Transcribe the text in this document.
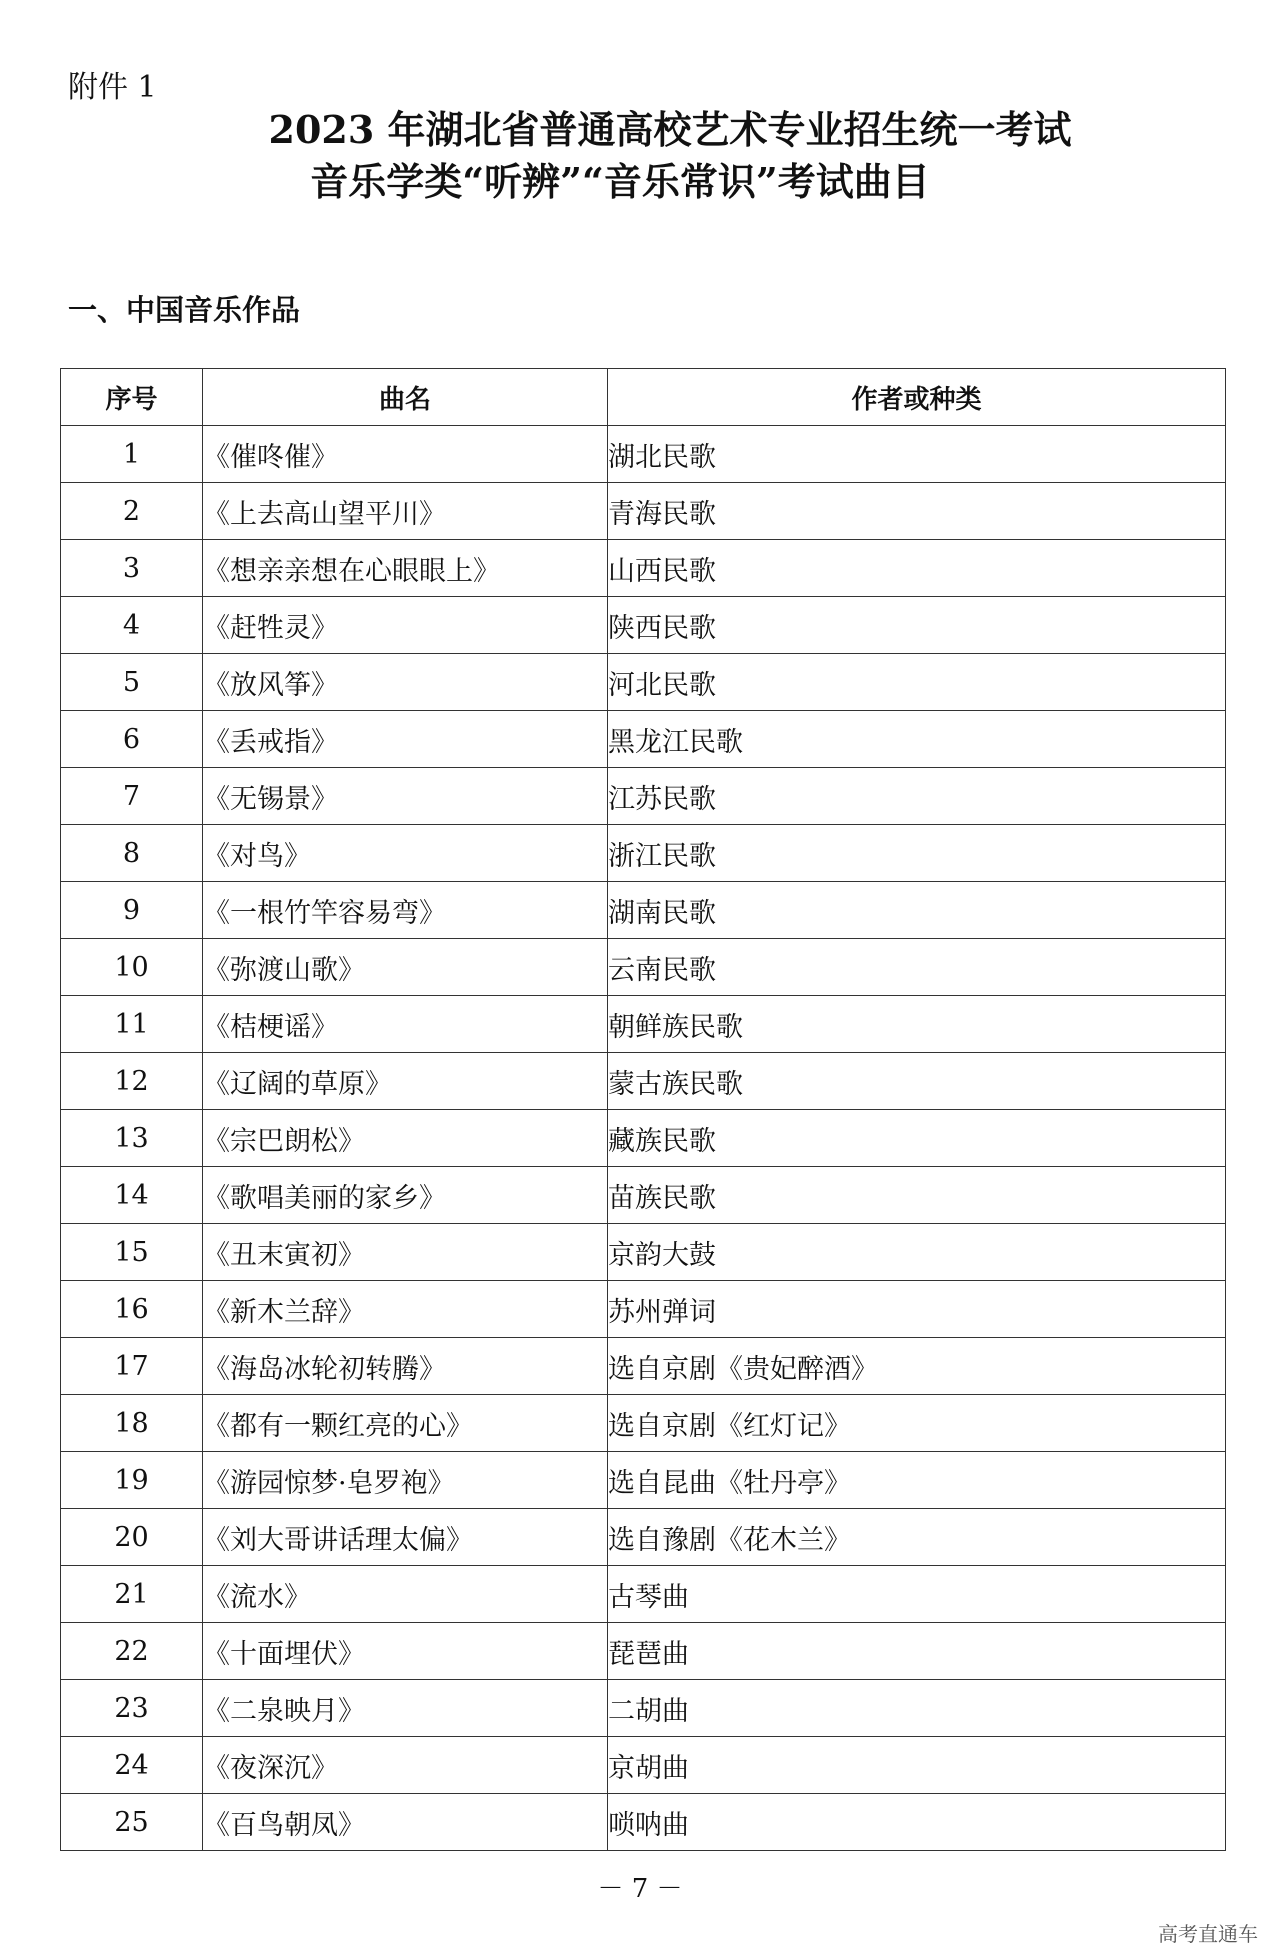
附件 1
2023 年湖北省普通高校艺术专业招生统一考试
音乐学类“听辨”“音乐常识”考试曲目
一、中国音乐作品
序号	曲名	作者或种类
1	《催咚催》	湖北民歌
2	《上去高山望平川》	青海民歌
3	《想亲亲想在心眼眼上》	山西民歌
4	《赶牲灵》	陕西民歌
5	《放风筝》	河北民歌
6	《丢戒指》	黑龙江民歌
7	《无锡景》	江苏民歌
8	《对鸟》	浙江民歌
9	《一根竹竿容易弯》	湖南民歌
10	《弥渡山歌》	云南民歌
11	《桔梗谣》	朝鲜族民歌
12	《辽阔的草原》	蒙古族民歌
13	《宗巴朗松》	藏族民歌
14	《歌唱美丽的家乡》	苗族民歌
15	《丑末寅初》	京韵大鼓
16	《新木兰辞》	苏州弹词
17	《海岛冰轮初转腾》	选自京剧《贵妃醉酒》
18	《都有一颗红亮的心》	选自京剧《红灯记》
19	《游园惊梦·皂罗袍》	选自昆曲《牡丹亭》
20	《刘大哥讲话理太偏》	选自豫剧《花木兰》
21	《流水》	古琴曲
22	《十面埋伏》	琵琶曲
23	《二泉映月》	二胡曲
24	《夜深沉》	京胡曲
25	《百鸟朝凤》	唢呐曲
－ 7 －
高考直通车
